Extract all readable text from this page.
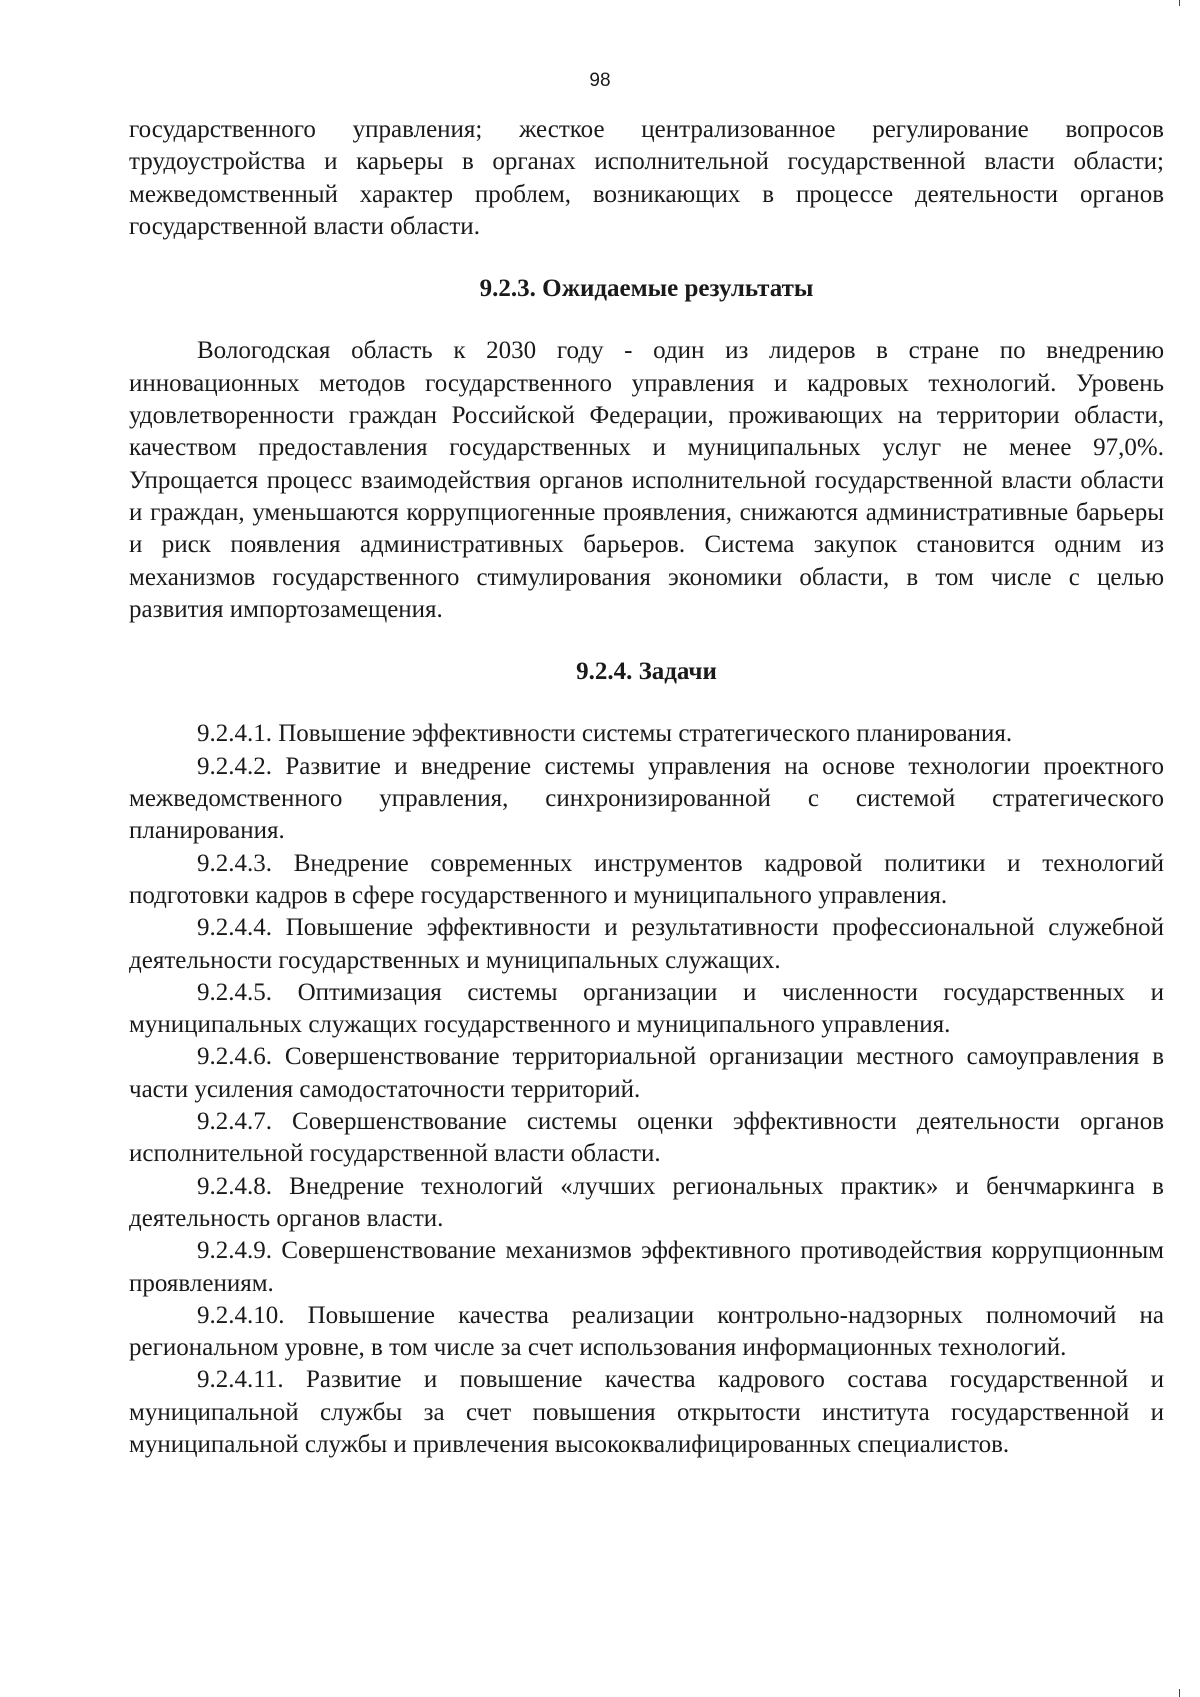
98

государственного управления; жесткое централизованное регулирование вопросов трудоустройства и карьеры в органах исполнительной государственной власти области; межведомственный характер проблем, возникающих в процессе деятельности органов государственной власти области.

9.2.3. Ожидаемые результаты

Вологодская область к 2030 году - один из лидеров в стране по внедрению инновационных методов государственного управления и кадровых технологий. Уровень удовлетворенности граждан Российской Федерации, проживающих на территории области, качеством предоставления государственных и муниципальных услуг не менее 97,0%. Упрощается процесс взаимодействия органов исполнительной государственной власти области и граждан, уменьшаются коррупциогенные проявления, снижаются административные барьеры и риск появления административных барьеров. Система закупок становится одним из механизмов государственного стимулирования экономики области, в том числе с целью развития импортозамещения.

9.2.4. Задачи

9.2.4.1. Повышение эффективности системы стратегического планирования.

9.2.4.2. Развитие и внедрение системы управления на основе технологии проектного межведомственного управления, синхронизированной с системой стратегического планирования.

9.2.4.3. Внедрение современных инструментов кадровой политики и технологий подготовки кадров в сфере государственного и муниципального управления.

9.2.4.4. Повышение эффективности и результативности профессиональной служебной деятельности государственных и муниципальных служащих.

9.2.4.5. Оптимизация системы организации и численности государственных и муниципальных служащих государственного и муниципального управления.

9.2.4.6. Совершенствование территориальной организации местного самоуправления в части усиления самодостаточности территорий.

9.2.4.7. Совершенствование системы оценки эффективности деятельности органов исполнительной государственной власти области.

9.2.4.8. Внедрение технологий «лучших региональных практик» и бенчмаркинга в деятельность органов власти.

9.2.4.9. Совершенствование механизмов эффективного противодействия коррупционным проявлениям.

9.2.4.10. Повышение качества реализации контрольно-надзорных полномочий на региональном уровне, в том числе за счет использования информационных технологий.

9.2.4.11. Развитие и повышение качества кадрового состава государственной и муниципальной службы за счет повышения открытости института государственной и муниципальной службы и привлечения высококвалифицированных специалистов.
